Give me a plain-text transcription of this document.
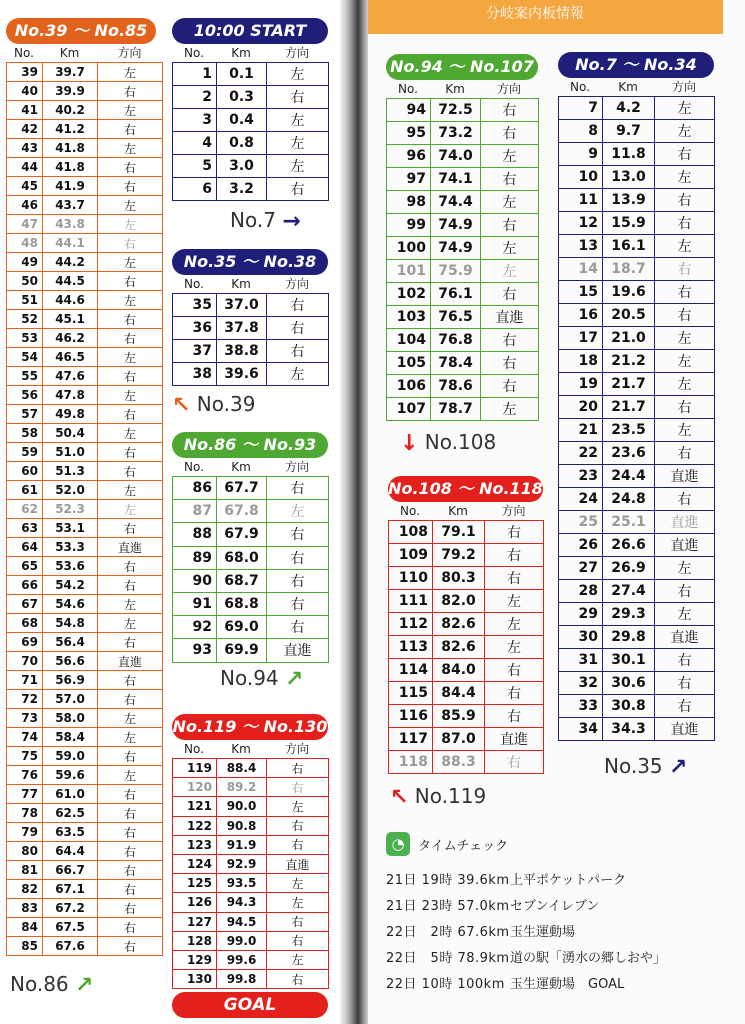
分岐案内板情報
No.39 ～ No.85
No.	Km	方向
39	39.7	左
40	39.9	右
41	40.2	左
42	41.2	右
43	41.8	左
44	41.8	右
45	41.9	右
46	43.7	左
47	43.8	左
48	44.1	右
49	44.2	左
50	44.5	右
51	44.6	左
52	45.1	右
53	46.2	右
54	46.5	左
55	47.6	右
56	47.8	左
57	49.8	右
58	50.4	左
59	51.0	右
60	51.3	右
61	52.0	左
62	52.3	左
63	53.1	右
64	53.3	直進
65	53.6	右
66	54.2	右
67	54.6	左
68	54.8	左
69	56.4	右
70	56.6	直進
71	56.9	右
72	57.0	右
73	58.0	左
74	58.4	左
75	59.0	右
76	59.6	左
77	61.0	右
78	62.5	右
79	63.5	右
80	64.4	右
81	66.7	右
82	67.1	右
83	67.2	右
84	67.5	右
85	67.6	右
No.86 ↗
10:00 START
No.	Km	方向
1	0.1	左
2	0.3	右
3	0.4	左
4	0.8	左
5	3.0	左
6	3.2	右
No.7 →
No.35 ～ No.38
No.	Km	方向
35	37.0	右
36	37.8	右
37	38.8	右
38	39.6	左
↖ No.39
No.86 ～ No.93
No.	Km	方向
86	67.7	右
87	67.8	左
88	67.9	右
89	68.0	右
90	68.7	右
91	68.8	右
92	69.0	右
93	69.9	直進
No.94 ↗
No.119 ～ No.130
No.	Km	方向
119	88.4	右
120	89.2	右
121	90.0	左
122	90.8	右
123	91.9	右
124	92.9	直進
125	93.5	左
126	94.3	左
127	94.5	右
128	99.0	右
129	99.6	左
130	99.8	右
GOAL
No.94 ～ No.107
No.	Km	方向
94	72.5	右
95	73.2	右
96	74.0	左
97	74.1	右
98	74.4	左
99	74.9	右
100	74.9	左
101	75.9	左
102	76.1	右
103	76.5	直進
104	76.8	右
105	78.4	右
106	78.6	右
107	78.7	左
↓ No.108
No.108 ～ No.118
No.	Km	方向
108	79.1	右
109	79.2	右
110	80.3	右
111	82.0	左
112	82.6	左
113	82.6	左
114	84.0	右
115	84.4	右
116	85.9	右
117	87.0	直進
118	88.3	右
↖ No.119
No.7 ～ No.34
No.	Km	方向
7	4.2	左
8	9.7	左
9	11.8	右
10	13.0	左
11	13.9	右
12	15.9	右
13	16.1	左
14	18.7	右
15	19.6	右
16	20.5	右
17	21.0	左
18	21.2	左
19	21.7	左
20	21.7	右
21	23.5	左
22	23.6	右
23	24.4	直進
24	24.8	右
25	25.1	直進
26	26.6	直進
27	26.9	左
28	27.4	右
29	29.3	左
30	29.8	直進
31	30.1	右
32	30.6	右
33	30.8	右
34	34.3	直進
No.35 ↗
◔	タイムチェック
21日 19時 39.6km上平ポケットパーク
21日 23時 57.0kmセブンイレブン
22日　2時 67.6km玉生運動場
22日　5時 78.9km道の駅「湧水の郷しおや」
22日 10時 100km 玉生運動場　GOAL
